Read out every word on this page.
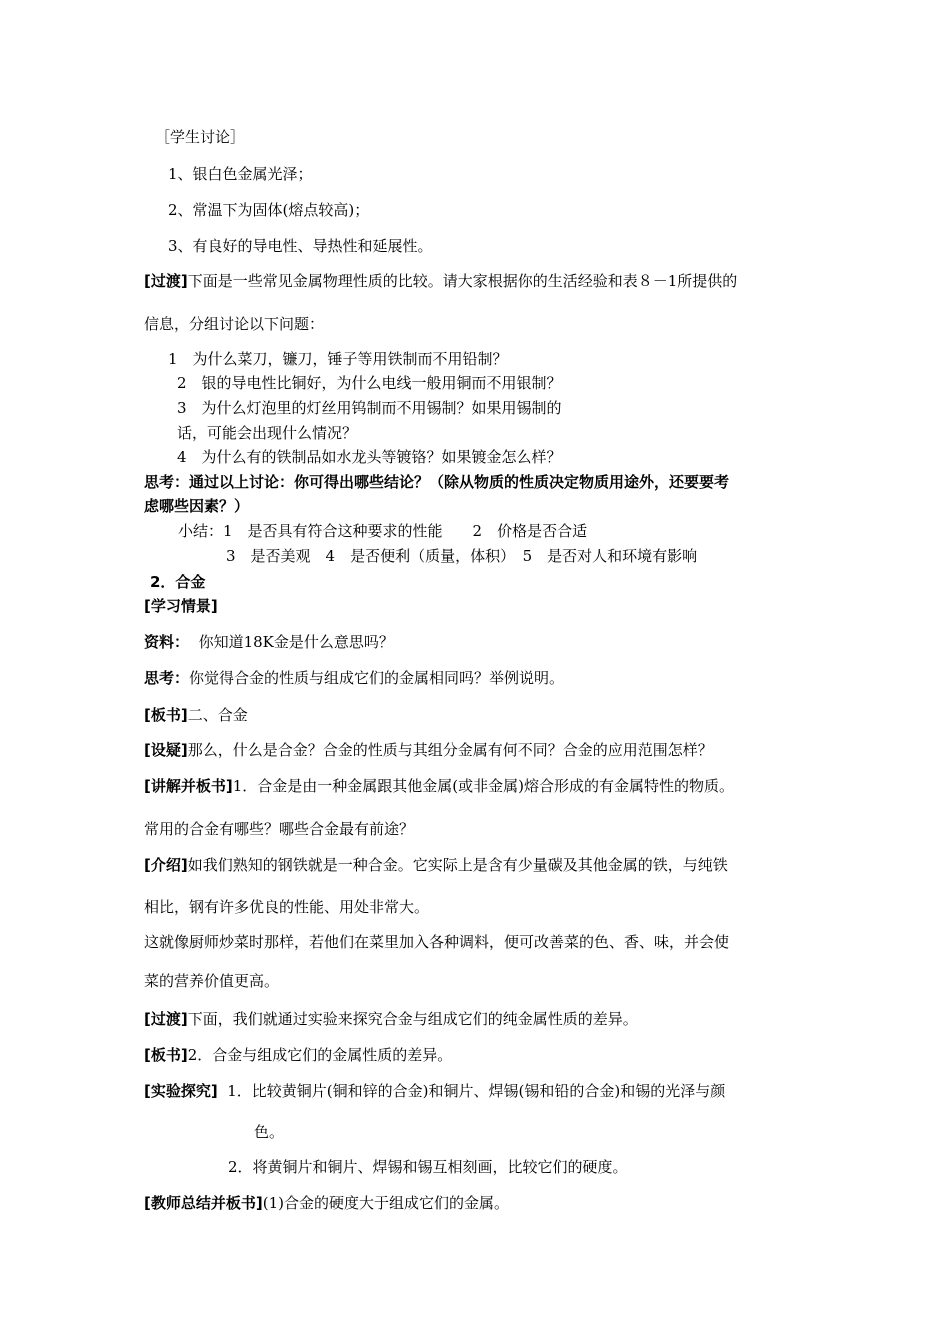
［学生讨论］
1、银白色金属光泽；
2、常温下为固体(熔点较高)；
3、有良好的导电性、导热性和延展性。
[过渡]下面是一些常见金属物理性质的比较。请大家根据你的生活经验和表８－1所提供的
信息，分组讨论以下问题：
1　为什么菜刀，镰刀，锤子等用铁制而不用铅制？
2　银的导电性比铜好，为什么电线一般用铜而不用银制？
3　为什么灯泡里的灯丝用钨制而不用锡制？如果用锡制的
话，可能会出现什么情况？
4　为什么有的铁制品如水龙头等镀铬？如果镀金怎么样？
思考：通过以上讨论：你可得出哪些结论？（除从物质的性质决定物质用途外，还要要考
虑哪些因素？）
小结：1　是否具有符合这种要求的性能　　2　价格是否合适
3　是否美观　4　是否便利（质量，体积）　5　是否对人和环境有影响
2．合金
[学习情景]
资料： 你知道18K金是什么意思吗？
思考：你觉得合金的性质与组成它们的金属相同吗？举例说明。
[板书]二、合金
[设疑]那么，什么是合金？合金的性质与其组分金属有何不同？合金的应用范围怎样？
[讲解并板书]1．合金是由一种金属跟其他金属(或非金属)熔合形成的有金属特性的物质。
常用的合金有哪些？哪些合金最有前途？
[介绍]如我们熟知的钢铁就是一种合金。它实际上是含有少量碳及其他金属的铁，与纯铁
相比，钢有许多优良的性能、用处非常大。
这就像厨师炒菜时那样，若他们在菜里加入各种调料，便可改善菜的色、香、味，并会使
菜的营养价值更高。
[过渡]下面，我们就通过实验来探究合金与组成它们的纯金属性质的差异。
[板书]2．合金与组成它们的金属性质的差异。
[实验探究] 1．比较黄铜片(铜和锌的合金)和铜片、焊锡(锡和铅的合金)和锡的光泽与颜
色。
2．将黄铜片和铜片、焊锡和锡互相刻画，比较它们的硬度。
[教师总结并板书](1)合金的硬度大于组成它们的金属。
